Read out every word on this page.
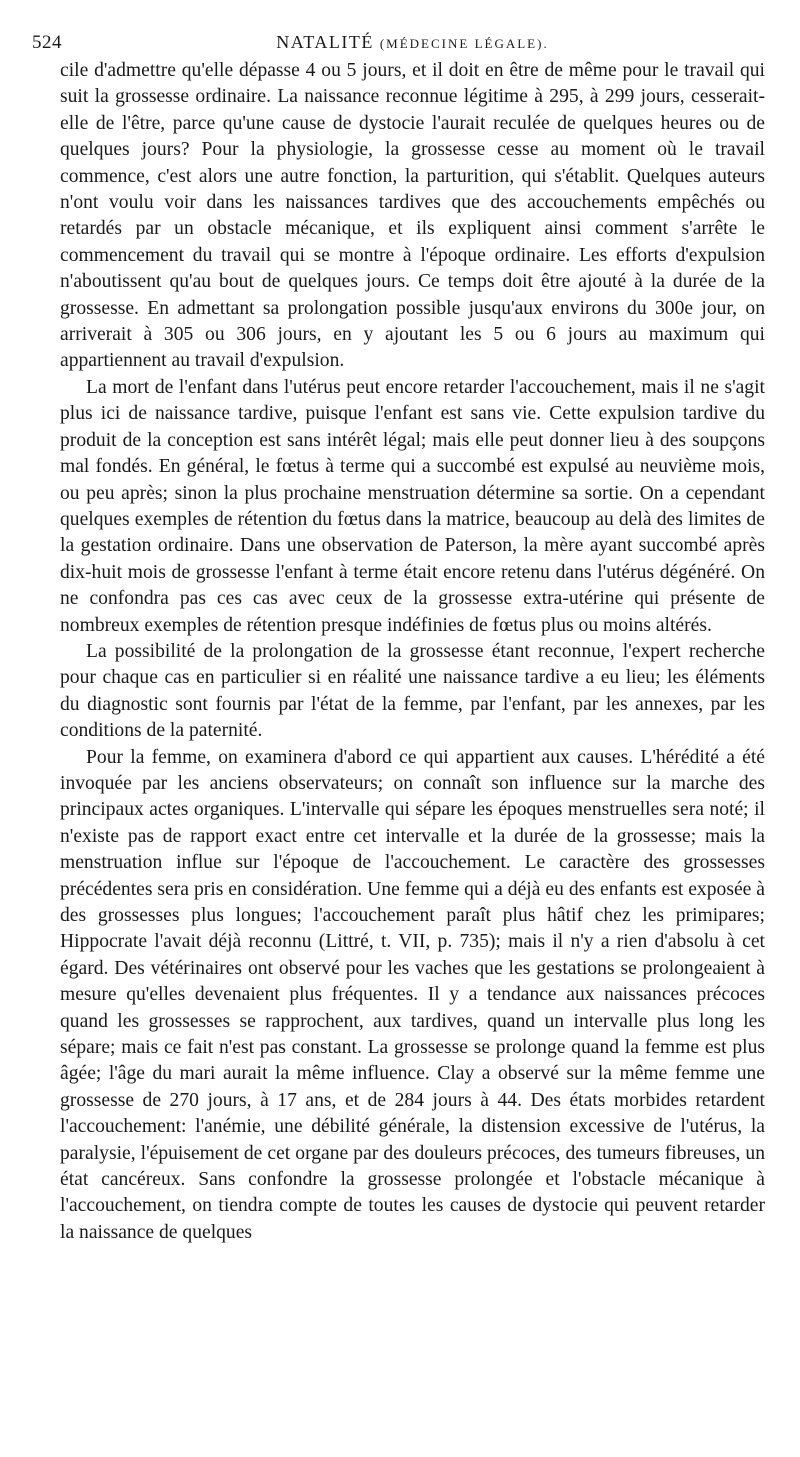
524	NATALITÉ (MÉDECINE LÉGALE).

cile d'admettre qu'elle dépasse 4 ou 5 jours, et il doit en être de même pour le travail qui suit la grossesse ordinaire. La naissance reconnue légitime à 295, à 299 jours, cesserait-elle de l'être, parce qu'une cause de dystocie l'aurait reculée de quelques heures ou de quelques jours? Pour la physiologie, la grossesse cesse au moment où le travail commence, c'est alors une autre fonction, la parturition, qui s'établit. Quelques auteurs n'ont voulu voir dans les naissances tardives que des accouchements empêchés ou retardés par un obstacle mécanique, et ils expliquent ainsi comment s'arrête le commencement du travail qui se montre à l'époque ordinaire. Les efforts d'expulsion n'aboutissent qu'au bout de quelques jours. Ce temps doit être ajouté à la durée de la grossesse. En admettant sa prolongation possible jusqu'aux environs du 300e jour, on arriverait à 305 ou 306 jours, en y ajoutant les 5 ou 6 jours au maximum qui appartiennent au travail d'expulsion.

La mort de l'enfant dans l'utérus peut encore retarder l'accouchement, mais il ne s'agit plus ici de naissance tardive, puisque l'enfant est sans vie. Cette expulsion tardive du produit de la conception est sans intérêt légal; mais elle peut donner lieu à des soupçons mal fondés. En général, le fœtus à terme qui a succombé est expulsé au neuvième mois, ou peu après; sinon la plus prochaine menstruation détermine sa sortie. On a cependant quelques exemples de rétention du fœtus dans la matrice, beaucoup au delà des limites de la gestation ordinaire. Dans une observation de Paterson, la mère ayant succombé après dix-huit mois de grossesse l'enfant à terme était encore retenu dans l'utérus dégénéré. On ne confondra pas ces cas avec ceux de la grossesse extra-utérine qui présente de nombreux exemples de rétention presque indéfinies de fœtus plus ou moins altérés.

La possibilité de la prolongation de la grossesse étant reconnue, l'expert recherche pour chaque cas en particulier si en réalité une naissance tardive a eu lieu; les éléments du diagnostic sont fournis par l'état de la femme, par l'enfant, par les annexes, par les conditions de la paternité.

Pour la femme, on examinera d'abord ce qui appartient aux causes. L'hérédité a été invoquée par les anciens observateurs; on connaît son influence sur la marche des principaux actes organiques. L'intervalle qui sépare les époques menstruelles sera noté; il n'existe pas de rapport exact entre cet intervalle et la durée de la grossesse; mais la menstruation influe sur l'époque de l'accouchement. Le caractère des grossesses précédentes sera pris en considération. Une femme qui a déjà eu des enfants est exposée à des grossesses plus longues; l'accouchement paraît plus hâtif chez les primipares; Hippocrate l'avait déjà reconnu (Littré, t. VII, p. 735); mais il n'y a rien d'absolu à cet égard. Des vétérinaires ont observé pour les vaches que les gestations se prolongeaient à mesure qu'elles devenaient plus fréquentes. Il y a tendance aux naissances précoces quand les grossesses se rapprochent, aux tardives, quand un intervalle plus long les sépare; mais ce fait n'est pas constant. La grossesse se prolonge quand la femme est plus âgée; l'âge du mari aurait la même influence. Clay a observé sur la même femme une grossesse de 270 jours, à 17 ans, et de 284 jours à 44. Des états morbides retardent l'accouchement: l'anémie, une débilité générale, la distension excessive de l'utérus, la paralysie, l'épuisement de cet organe par des douleurs précoces, des tumeurs fibreuses, un état cancéreux. Sans confondre la grossesse prolongée et l'obstacle mécanique à l'accouchement, on tiendra compte de toutes les causes de dystocie qui peuvent retarder la naissance de quelques
